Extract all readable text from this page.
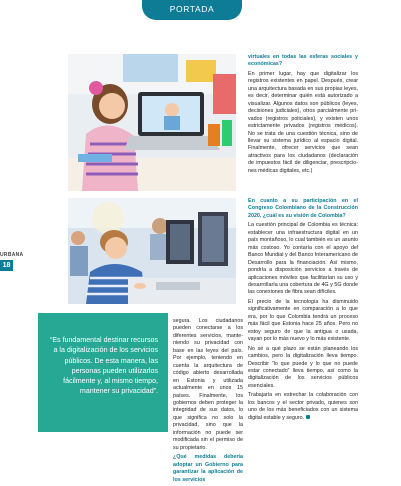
PORTADA
URBANA
18
“Es fundamental destinar recursos a la digitalización de los servicios públicos. De esta manera, las personas pueden utilizarlos fácilmente y, al mismo tiempo, mantener su privacidad”.

segura. Los ciudadanos pueden conectarse a los diferentes servicios, manteniendo su privacidad con base en las leyes del país. Por ejemplo, teniendo en cuenta la arquitectura de código abierto desarrollada en Estonia y utilizada actualmente en unos 15 países. Finalmente, los gobiernos deben proteger la integridad de sus datos, lo que significa no solo la privacidad, sino que la información no puede ser modificada sin el permiso de su propietario.

¿Qué medidas debería adoptar un Gobierno para garantizar la aplicación de los servicios

virtuales en todas las esferas sociales y económicas?

En primer lugar, hay que digitalizar los registros existentes en papel. Después, crear una arquitectura basada en sus propias leyes, es decir, determinar quién está autorizado a visualizar. Algunos datos son públicos (leyes, decisiones judiciales), otros parcialmente privados (registros policiales), y existen unos estrictamente privados (registros médicos). No se trata de una cuestión técnica, sino de llevar su sistema jurídico al espacio digital. Finalmente, ofrecer servicios que sean atractivos para los ciudadanos (declaración de impuestos fácil de diligenciar, prescripciones médicas digitales, etc.)

En cuanto a su participación en el Congreso Colombiano de la Construcción 2020, ¿cuál es su visión de Colombia?

La cuestión principal de Colombia es técnica: establecer una infraestructura digital en un país montañoso, lo cual también es un asunto más costoso. Yo contaría con el apoyo del Banco Mundial y del Banco Interamericano de Desarrollo para la financiación. Así mismo, pondría a disposición servicios a través de aplicaciones móviles que facilitarían su uso y desarrollaría una cobertura de 4G y 5G donde las conexiones de fibra sean difíciles.

El precio de la tecnología ha disminuido significativamente en comparación a lo que era, por lo que Colombia tendrá un proceso más fácil que Estonia hace 25 años. Pero no estoy seguro de que la antigua o usada, vayan por lo más nuevo y lo más existente.

No sé a qué plazo se están planeando los cambios, pero la digitalización lleva tiempo. Describir “lo que puede y lo que no puede estar conectado” lleva tiempo, así como la digitalización de los servicios públicos esenciales.

Trabajaría en estrechar la colaboración con los bancos y el sector privado, quienes son uno de los más beneficiados con un sistema digital estable y seguro.
